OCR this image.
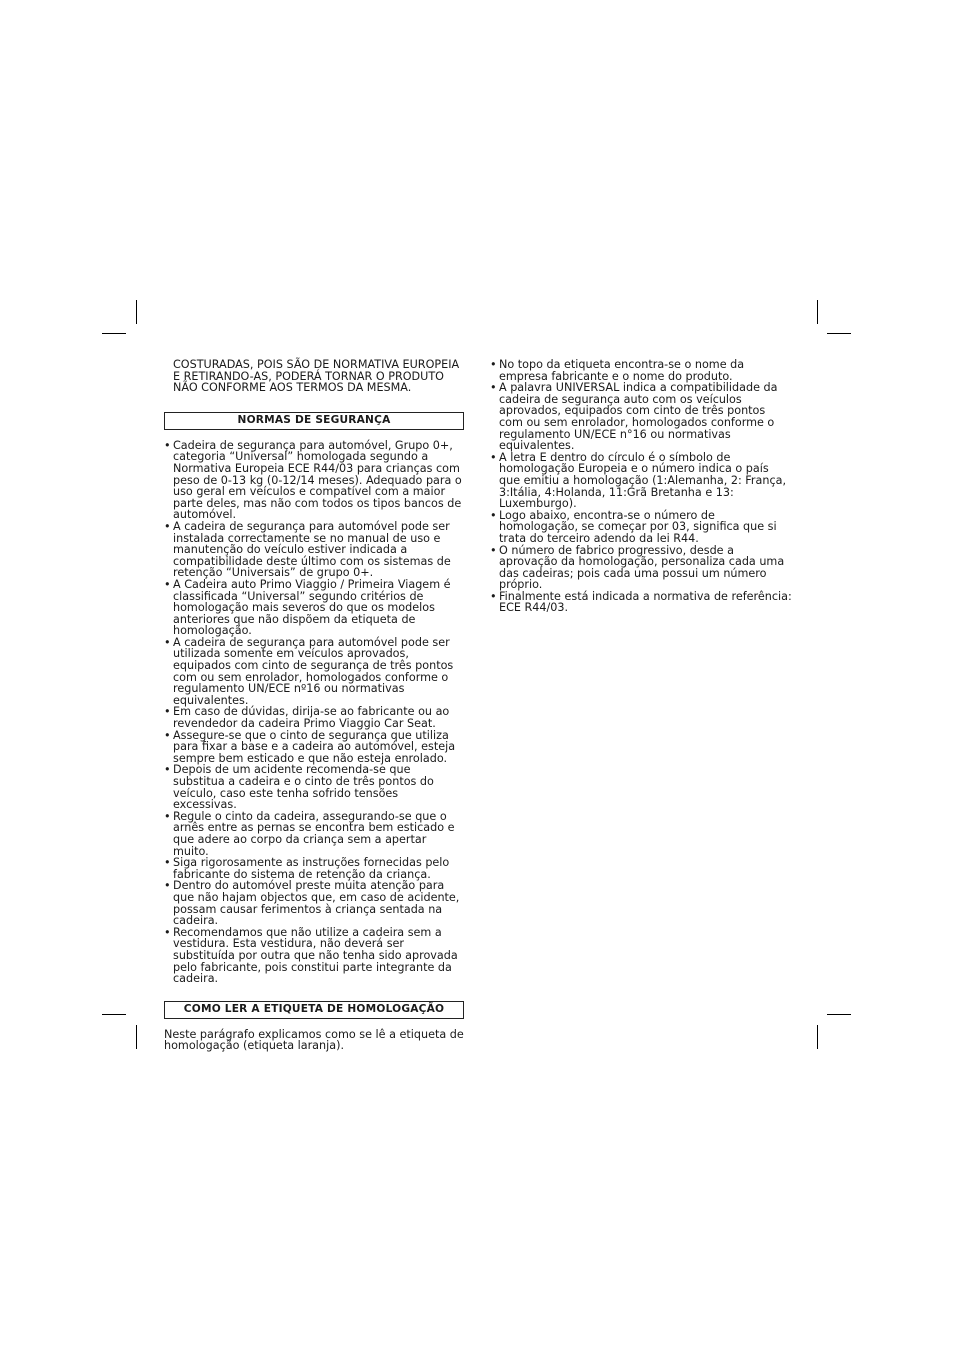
COSTURADAS, POIS SÃO DE NORMATIVA EUROPEIA E RETIRANDO-AS, PODERÁ TORNAR O PRODUTO NÃO CONFORME AOS TERMOS DA MESMA.

NORMAS DE SEGURANÇA
• Cadeira de segurança para automóvel, Grupo 0+, categoria “Universal” homologada segundo a Normativa Europeia ECE R44/03 para crianças com peso de 0-13 kg (0-12/14 meses). Adequado para o uso geral em veículos e compatível com a maior parte deles, mas não com todos os tipos bancos de automóvel.
• A cadeira de segurança para automóvel pode ser instalada correctamente se no manual de uso e manutenção do veículo estiver indicada a compatibilidade deste último com os sistemas de retenção “Universais” de grupo 0+.
• A Cadeira auto Primo Viaggio / Primeira Viagem é classificada “Universal” segundo critérios de homologação mais severos do que os modelos anteriores que não dispõem da etiqueta de homologação.
• A cadeira de segurança para automóvel pode ser utilizada somente em veículos aprovados, equipados com cinto de segurança de três pontos com ou sem enrolador, homologados conforme o regulamento UN/ECE nº16 ou normativas equivalentes.
• Em caso de dúvidas, dirija-se ao fabricante ou ao revendedor da cadeira Primo Viaggio Car Seat.
• Assegure-se que o cinto de segurança que utiliza para fixar a base e a cadeira ao automóvel, esteja sempre bem esticado e que não esteja enrolado.
• Depois de um acidente recomenda-se que substitua a cadeira e o cinto de três pontos do veículo, caso este tenha sofrido tensões excessivas.
• Regule o cinto da cadeira, assegurando-se que o arnês entre as pernas se encontra bem esticado e que adere ao corpo da criança sem a apertar muito.
• Siga rigorosamente as instruções fornecidas pelo fabricante do sistema de retenção da criança.
• Dentro do automóvel preste muita atenção para que não hajam objectos que, em caso de acidente, possam causar ferimentos à criança sentada na cadeira.
• Recomendamos que não utilize a cadeira sem a vestidura. Esta vestidura, não deverá ser substituída por outra que não tenha sido aprovada pelo fabricante, pois constitui parte integrante da cadeira.
COMO LER A ETIQUETA DE HOMOLOGAÇÃO

Neste parágrafo explicamos como se lê a etiqueta de homologação (etiqueta laranja).

• No topo da etiqueta encontra-se o nome da empresa fabricante e o nome do produto.
• A palavra UNIVERSAL indica a compatibilidade da cadeira de segurança auto com os veículos aprovados, equipados com cinto de três pontos com ou sem enrolador, homologados conforme o regulamento UN/ECE n°16 ou normativas equivalentes.
• A letra E dentro do círculo é o símbolo de homologação Europeia e o número indica o país que emitiu a homologação (1:Alemanha, 2: França, 3:Itália, 4:Holanda, 11:Grã Bretanha e 13: Luxemburgo).
• Logo abaixo, encontra-se o número de homologação, se começar por 03, significa que si trata do terceiro adendo da lei R44.
• O número de fabrico progressivo, desde a aprovação da homologação, personaliza cada uma das cadeiras; pois cada uma possui um número próprio.
• Finalmente está indicada a normativa de referência: ECE R44/03.
